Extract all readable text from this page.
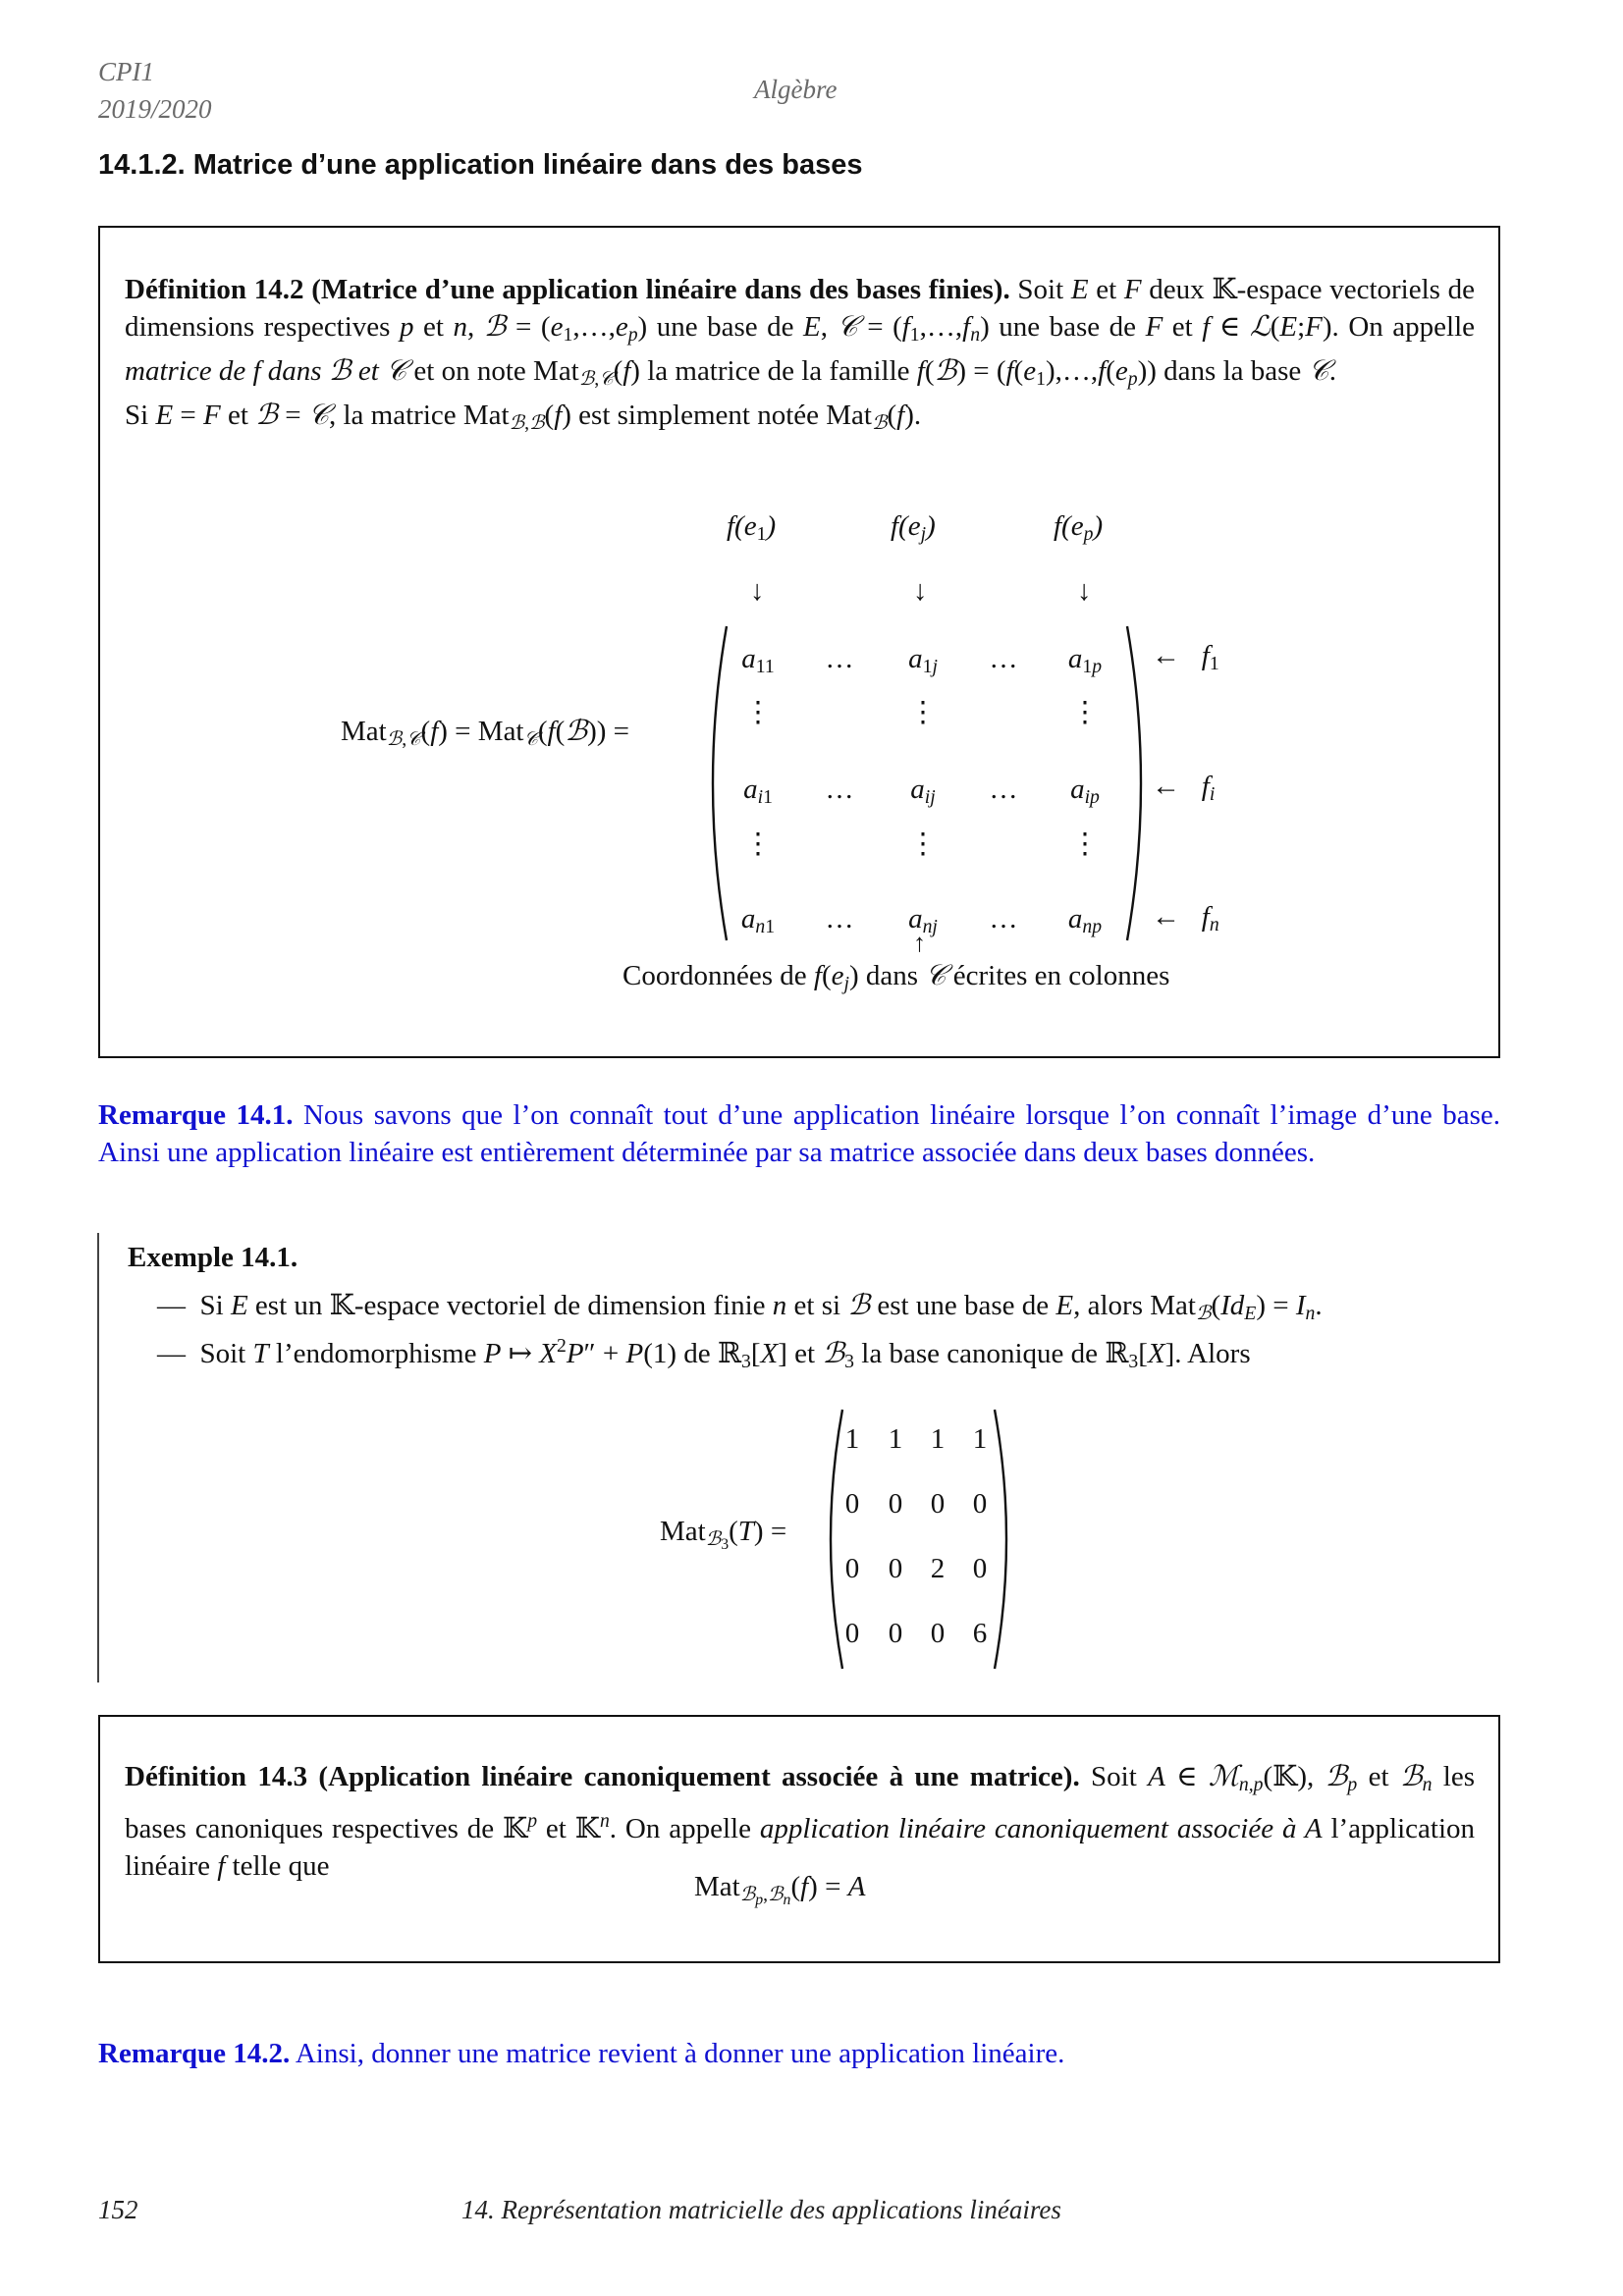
CPI1
2019/2020
Algèbre
14.1.2. Matrice d’une application linéaire dans des bases
Définition 14.2 (Matrice d’une application linéaire dans des bases finies). Soit E et F deux 𝕂-espace vectoriels de dimensions respectives p et n, ℬ = $(e_1,\dots,e_p)$ une base de E, 𝒞 = $(f_1,\dots,f_n)$ une base de F et f ∈ ℒ(E;F). On appelle matrice de f dans ℬ et 𝒞 et on note Mat$_{ℬ,𝒞}$(f) la matrice de la famille f(ℬ) = $(f(e_1),\dots,f(e_p))$ dans la base 𝒞.
Si E = F et ℬ = 𝒞, la matrice Mat$_{ℬ,ℬ}$(f) est simplement notée Mat$_ℬ$(f).
$f(e_1)$	$f(e_j)$	$f(e_p)$
↓	↓	↓
Mat$_{ℬ,𝒞}$(f) = Mat$_𝒞$(f(ℬ)) =
$a_{11}$	…	$a_{1j}$	…	$a_{1p}$
⋮	⋮	⋮
$a_{i1}$	…	$a_{ij}$	…	$a_{ip}$
⋮	⋮	⋮
$a_{n1}$	…	$a_{nj}$	…	$a_{np}$
↑
←   $f_1$
←   $f_i$
←   $f_n$
Coordonnées de $f(e_j)$ dans 𝒞 écrites en colonnes
Remarque 14.1. Nous savons que l’on connaît tout d’une application linéaire lorsque l’on connaît l’image d’une base. Ainsi une application linéaire est entièrement déterminée par sa matrice associée dans deux bases données.
Exemple 14.1.
—  Si E est un 𝕂-espace vectoriel de dimension finie n et si ℬ est une base de E, alors $Mat_ℬ(Id_E) = I_n$.
—  Soit T l’endomorphisme P ↦ $X^2P'' + P(1)$ de ℝ$_3$[X] et ℬ$_3$ la base canonique de ℝ$_3$[X]. Alors
Mat$_{ℬ_3}$(T) =
1	1 1 1
0	0 0 0
0	0 2 0
0	0 0 6
Définition 14.3 (Application linéaire canoniquement associée à une matrice). Soit A ∈ ℳ$_{n,p}$(𝕂), ℬ$_p$ et ℬ$_n$ les bases canoniques respectives de 𝕂$^p$ et 𝕂$^n$. On appelle application linéaire canoniquement associée à A l’application linéaire f telle que
Mat$_{ℬ_p,ℬ_n}$(f) = A
Remarque 14.2. Ainsi, donner une matrice revient à donner une application linéaire.
152	14. Représentation matricielle des applications linéaires
